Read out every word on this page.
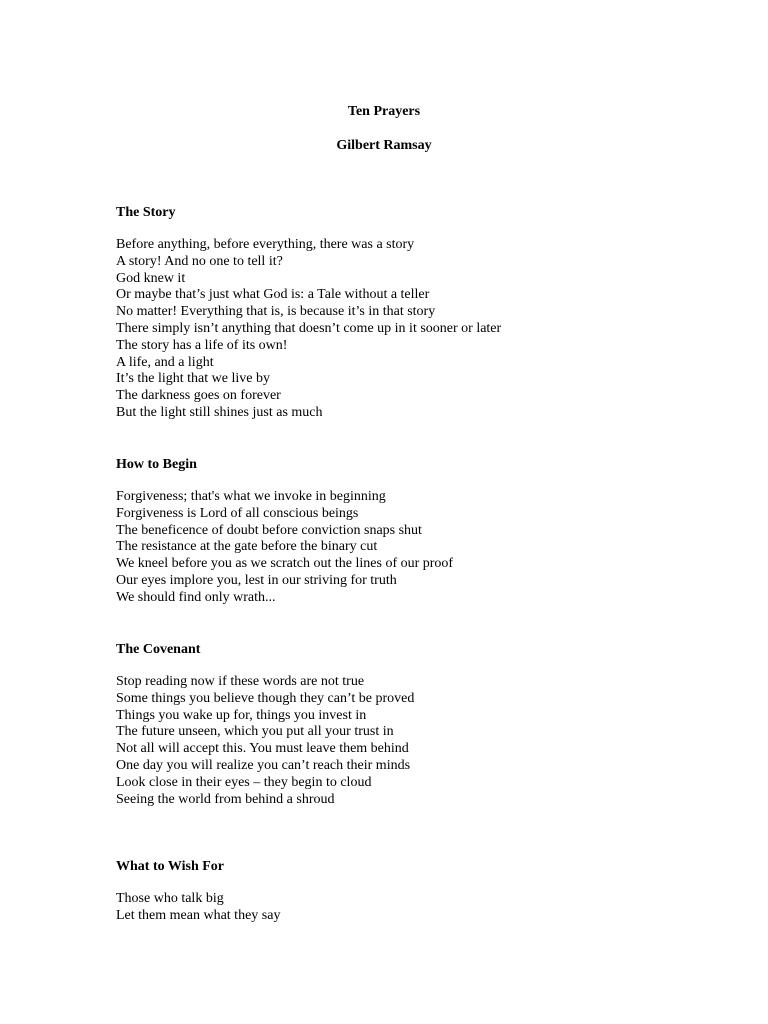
Ten Prayers
Gilbert Ramsay
The Story
Before anything, before everything, there was a story
A story! And no one to tell it?
God knew it
Or maybe that’s just what God is: a Tale without a teller
No matter! Everything that is, is because it’s in that story
There simply isn’t anything that doesn’t come up in it sooner or later
The story has a life of its own!
A life, and a light
It’s the light that we live by
The darkness goes on forever
But the light still shines just as much
How to Begin
Forgiveness; that's what we invoke in beginning
Forgiveness is Lord of all conscious beings
The beneficence of doubt before conviction snaps shut
The resistance at the gate before the binary cut
We kneel before you as we scratch out the lines of our proof
Our eyes implore you, lest in our striving for truth
We should find only wrath...
The Covenant
Stop reading now if these words are not true
Some things you believe though they can’t be proved
Things you wake up for, things you invest in
The future unseen, which you put all your trust in
Not all will accept this. You must leave them behind
One day you will realize you can’t reach their minds
Look close in their eyes – they begin to cloud
Seeing the world from behind a shroud
What to Wish For
Those who talk big
Let them mean what they say
